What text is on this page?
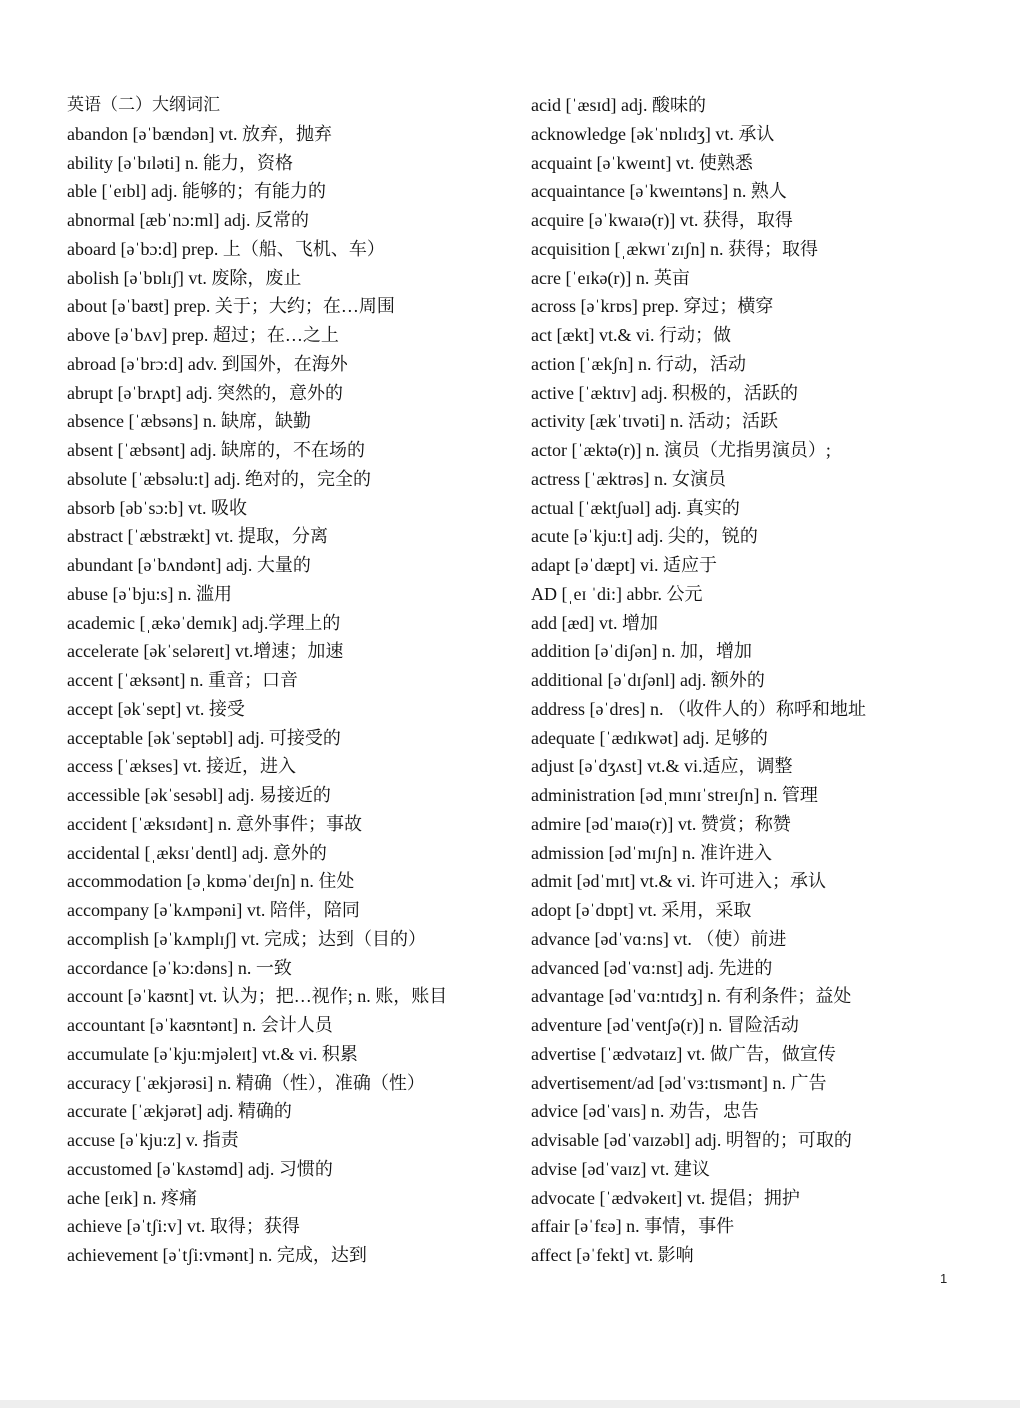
英语（二）大纲词汇
abandon [əˈbændən] vt. 放弃，抛弃
ability [əˈbɪləti] n. 能力，资格
able [ˈeɪbl] adj. 能够的；有能力的
abnormal [æbˈnɔ:ml] adj. 反常的
aboard [əˈbɔ:d] prep. 上（船、飞机、车）
abolish [əˈbɒlɪʃ] vt. 废除，废止
about [əˈbaʊt] prep. 关于；大约；在…周围
above [əˈbʌv] prep. 超过；在…之上
abroad [əˈbrɔ:d] adv. 到国外，在海外
abrupt [əˈbrʌpt] adj. 突然的，意外的
absence [ˈæbsəns] n. 缺席，缺勤
absent [ˈæbsənt] adj. 缺席的，不在场的
absolute [ˈæbsəlu:t] adj. 绝对的，完全的
absorb [əbˈsɔ:b] vt. 吸收
abstract [ˈæbstrækt] vt. 提取，分离
abundant [əˈbʌndənt] adj. 大量的
abuse [əˈbju:s] n. 滥用
academic [ˌækəˈdemɪk] adj.学理上的
accelerate [əkˈseləreɪt] vt.增速；加速
accent [ˈæksənt] n. 重音；口音
accept [əkˈsept] vt. 接受
acceptable [əkˈseptəbl] adj. 可接受的
access [ˈækses] vt. 接近，进入
accessible [əkˈsesəbl] adj. 易接近的
accident [ˈæksɪdənt] n. 意外事件；事故
accidental [ˌæksɪˈdentl] adj. 意外的
accommodation [əˌkɒməˈdeɪʃn] n. 住处
accompany [əˈkʌmpəni] vt. 陪伴，陪同
accomplish [əˈkʌmplɪʃ] vt. 完成；达到（目的）
accordance [əˈkɔ:dəns] n. 一致
account [əˈkaʊnt] vt. 认为；把…视作; n. 账，账目
accountant [əˈkaʊntənt] n. 会计人员
accumulate [əˈkju:mjəleɪt] vt.& vi. 积累
accuracy [ˈækjərəsi] n. 精确（性），准确（性）
accurate [ˈækjərət] adj. 精确的
accuse [əˈkju:z] v. 指责
accustomed [əˈkʌstəmd] adj. 习惯的
ache [eɪk] n. 疼痛
achieve [əˈtʃi:v] vt. 取得；获得
achievement [əˈtʃi:vmənt] n. 完成，达到
acid [ˈæsɪd] adj. 酸味的
acknowledge [əkˈnɒlɪdʒ] vt. 承认
acquaint [əˈkweɪnt] vt. 使熟悉
acquaintance [əˈkweɪntəns] n. 熟人
acquire [əˈkwaɪə(r)] vt. 获得，取得
acquisition [ˌækwɪˈzɪʃn] n. 获得；取得
acre [ˈeɪkə(r)] n. 英亩
across [əˈkrɒs] prep. 穿过；横穿
act [ækt] vt.& vi. 行动；做
action [ˈækʃn] n. 行动，活动
active [ˈæktɪv] adj. 积极的，活跃的
activity [ækˈtɪvəti] n. 活动；活跃
actor [ˈæktə(r)] n. 演员（尤指男演员）;
actress [ˈæktrəs] n. 女演员
actual [ˈæktʃuəl] adj. 真实的
acute [əˈkju:t] adj. 尖的，锐的
adapt [əˈdæpt] vi. 适应于
AD [ˌeɪ ˈdi:] abbr. 公元
add [æd] vt. 增加
addition [əˈdiʃən] n. 加，增加
additional [əˈdɪʃənl] adj. 额外的
address [əˈdres] n. （收件人的）称呼和地址
adequate [ˈædɪkwət] adj. 足够的
adjust [əˈdʒʌst] vt.& vi.适应，调整
administration [ədˌmɪnɪˈstreɪʃn] n. 管理
admire [ədˈmaɪə(r)] vt. 赞赏；称赞
admission [ədˈmɪʃn] n. 准许进入
admit [ədˈmɪt] vt.& vi. 许可进入；承认
adopt [əˈdɒpt] vt. 采用，采取
advance [ədˈvɑ:ns] vt. （使）前进
advanced [ədˈvɑ:nst] adj. 先进的
advantage [ədˈvɑ:ntɪdʒ] n. 有利条件；益处
adventure [ədˈventʃə(r)] n. 冒险活动
advertise [ˈædvətaɪz] vt. 做广告，做宣传
advertisement/ad [ədˈvɜ:tɪsmənt] n. 广告
advice [ədˈvaɪs] n. 劝告，忠告
advisable [ədˈvaɪzəbl] adj. 明智的；可取的
advise [ədˈvaɪz] vt. 建议
advocate [ˈædvəkeɪt] vt. 提倡；拥护
affair [əˈfɛə] n. 事情，事件
affect [əˈfekt] vt. 影响
1
